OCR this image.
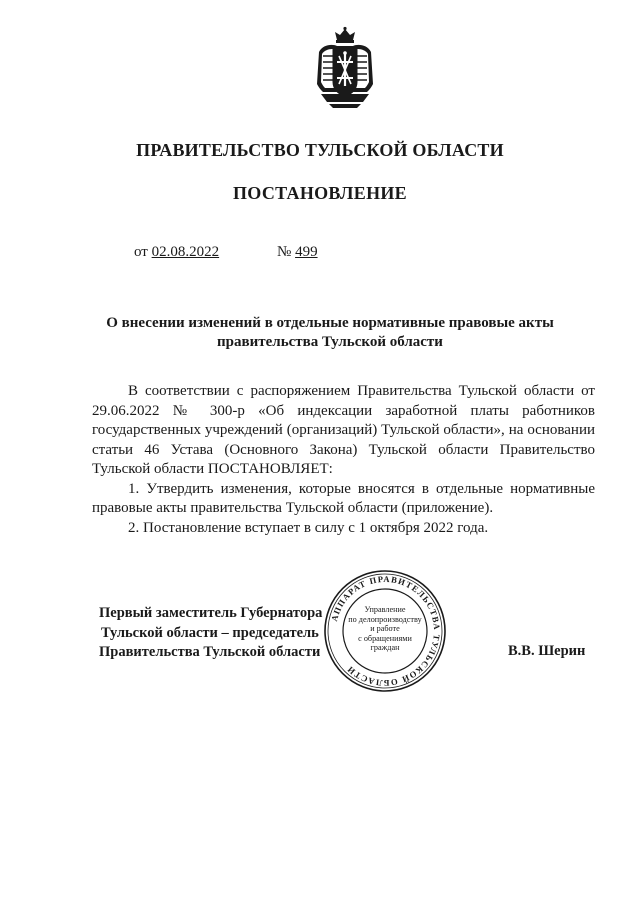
ПРАВИТЕЛЬСТВО ТУЛЬСКОЙ ОБЛАСТИ
ПОСТАНОВЛЕНИЕ
от 02.08.2022	№ 499
О внесении изменений в отдельные нормативные правовые акты
правительства Тульской области

В соответствии с распоряжением Правительства Тульской области от 29.06.2022 № 300-р «Об индексации заработной платы работников государственных учреждений (организаций) Тульской области», на основании статьи 46 Устава (Основного Закона) Тульской области Правительство Тульской области ПОСТАНОВЛЯЕТ:

1. Утвердить изменения, которые вносятся в отдельные нормативные правовые акты правительства Тульской области (приложение).

2. Постановление вступает в силу с 1 октября 2022 года.

Первый заместитель Губернатора
Тульской области – председатель
Правительства Тульской области
АППАРАТ ПРАВИТЕЛЬСТВА ТУЛЬСКОЙ ОБЛАСТИ
Управление
по делопроизводству
и работе
с обращениями
граждан	В.В. Шерин
